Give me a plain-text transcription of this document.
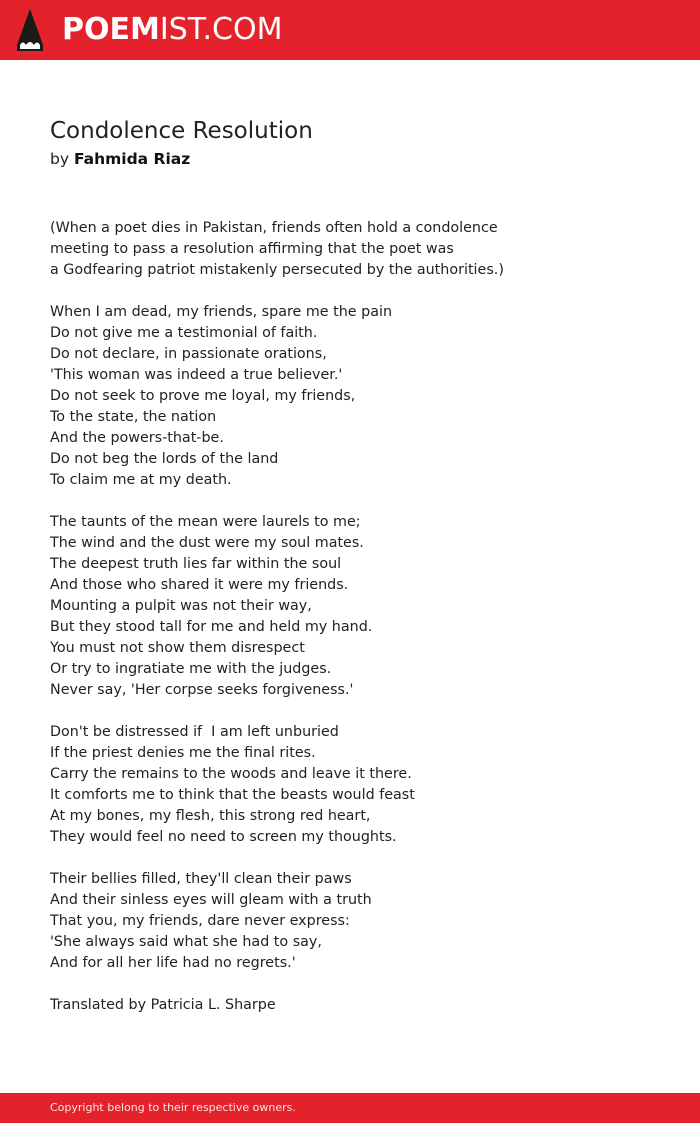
POEMIST.COM
Condolence Resolution
by Fahmida Riaz
(When a poet dies in Pakistan, friends often hold a condolence
meeting to pass a resolution affirming that the poet was
a Godfearing patriot mistakenly persecuted by the authorities.)
When I am dead, my friends, spare me the pain
Do not give me a testimonial of faith.
Do not declare, in passionate orations,
'This woman was indeed a true believer.'
Do not seek to prove me loyal, my friends,
To the state, the nation
And the powers-that-be.
Do not beg the lords of the land
To claim me at my death.
The taunts of the mean were laurels to me;
The wind and the dust were my soul mates.
The deepest truth lies far within the soul
And those who shared it were my friends.
Mounting a pulpit was not their way,
But they stood tall for me and held my hand.
You must not show them disrespect
Or try to ingratiate me with the judges.
Never say, 'Her corpse seeks forgiveness.'
Don't be distressed if  I am left unburied
If the priest denies me the final rites.
Carry the remains to the woods and leave it there.
It comforts me to think that the beasts would feast
At my bones, my flesh, this strong red heart,
They would feel no need to screen my thoughts.
Their bellies filled, they'll clean their paws
And their sinless eyes will gleam with a truth
That you, my friends, dare never express:
'She always said what she had to say,
And for all her life had no regrets.'
Translated by Patricia L. Sharpe
Copyright belong to their respective owners.
